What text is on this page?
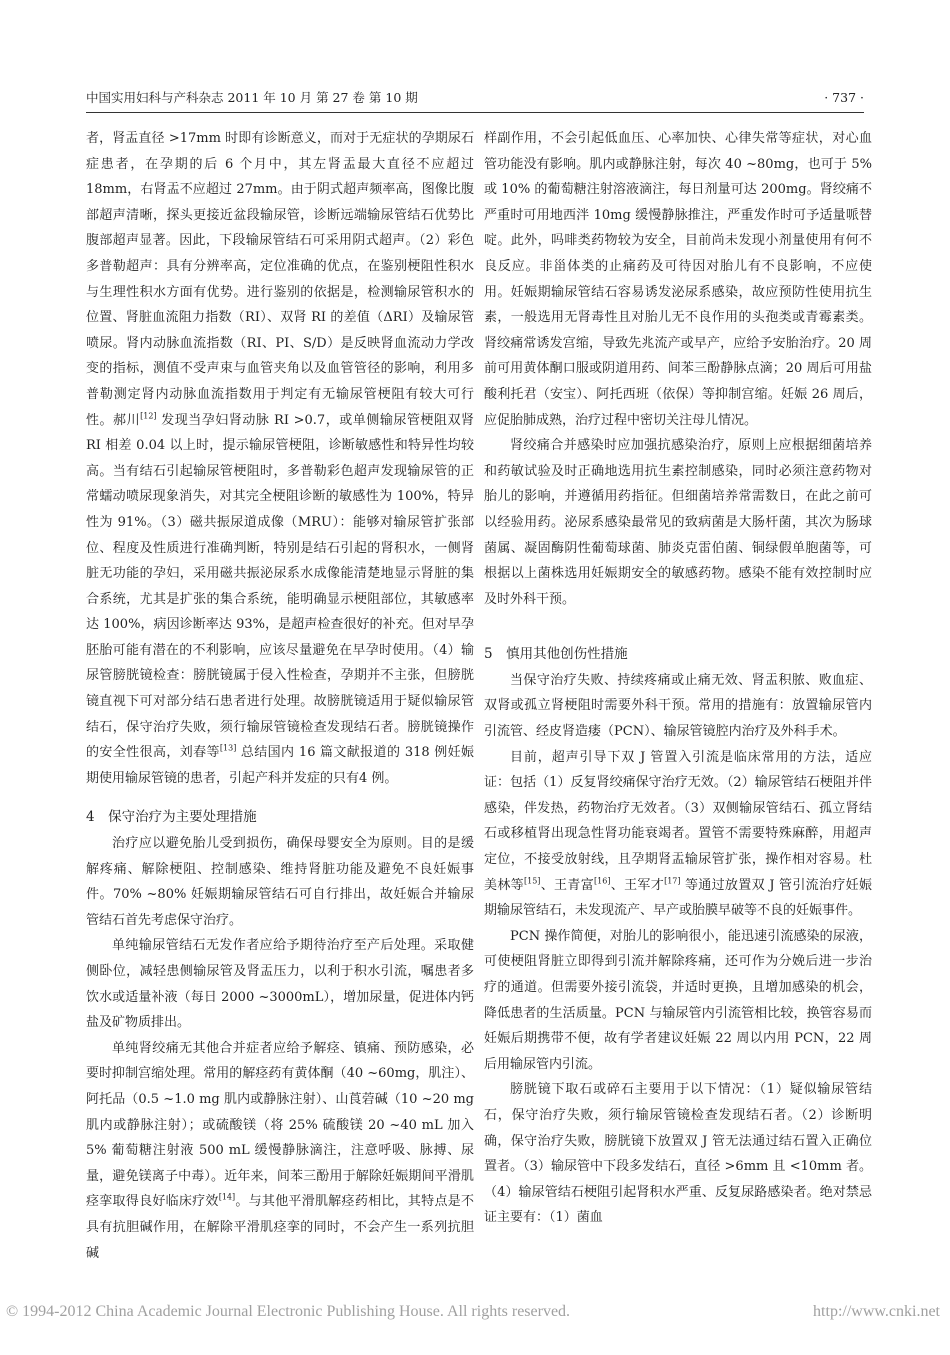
中国实用妇科与产科杂志 2011 年 10 月 第 27 卷 第 10 期	· 737 ·

者，肾盂直径 >17mm 时即有诊断意义，而对于无症状的孕期尿石症患者，在孕期的后 6 个月中，其左肾盂最大直径不应超过 18mm，右肾盂不应超过 27mm。由于阴式超声频率高，图像比腹部超声清晰，探头更接近盆段输尿管，诊断远端输尿管结石优势比腹部超声显著。因此，下段输尿管结石可采用阴式超声。（2）彩色多普勒超声：具有分辨率高，定位准确的优点，在鉴别梗阻性积水与生理性积水方面有优势。进行鉴别的依据是，检测输尿管积水的位置、肾脏血流阻力指数（RI）、双肾 RI 的差值（ΔRI）及输尿管喷尿。肾内动脉血流指数（RI、PI、S/D）是反映肾血流动力学改变的指标，测值不受声束与血管夹角以及血管管径的影响，利用多普勒测定肾内动脉血流指数用于判定有无输尿管梗阻有较大可行性。郝川[12] 发现当孕妇肾动脉 RI >0.7，或单侧输尿管梗阻双肾 RI 相差 0.04 以上时，提示输尿管梗阻，诊断敏感性和特异性均较高。当有结石引起输尿管梗阻时，多普勒彩色超声发现输尿管的正常蠕动喷尿现象消失，对其完全梗阻诊断的敏感性为 100%，特异性为 91%。（3）磁共振尿道成像（MRU）：能够对输尿管扩张部位、程度及性质进行准确判断，特别是结石引起的肾积水，一侧肾脏无功能的孕妇，采用磁共振泌尿系水成像能清楚地显示肾脏的集合系统，尤其是扩张的集合系统，能明确显示梗阻部位，其敏感率达 100%，病因诊断率达 93%，是超声检查很好的补充。但对早孕胚胎可能有潜在的不利影响，应该尽量避免在早孕时使用。（4）输尿管膀胱镜检查：膀胱镜属于侵入性检查，孕期并不主张，但膀胱镜直视下可对部分结石患者进行处理。故膀胱镜适用于疑似输尿管结石，保守治疗失败，须行输尿管镜检查发现结石者。膀胱镜操作的安全性很高，刘春等[13] 总结国内 16 篇文献报道的 318 例妊娠期使用输尿管镜的患者，引起产科并发症的只有4 例。

4　保守治疗为主要处理措施

治疗应以避免胎儿受到损伤，确保母婴安全为原则。目的是缓解疼痛、解除梗阻、控制感染、维持肾脏功能及避免不良妊娠事件。70% ~80% 妊娠期输尿管结石可自行排出，故妊娠合并输尿管结石首先考虑保守治疗。

单纯输尿管结石无发作者应给予期待治疗至产后处理。采取健侧卧位，减轻患侧输尿管及肾盂压力，以利于积水引流，嘱患者多饮水或适量补液（每日 2000 ~3000mL），增加尿量，促进体内钙盐及矿物质排出。

单纯肾绞痛无其他合并症者应给予解痉、镇痛、预防感染，必要时抑制宫缩处理。常用的解痉药有黄体酮（40 ~60mg，肌注）、阿托品（0.5 ~1.0 mg 肌内或静脉注射）、山莨菪碱（10 ~20 mg 肌内或静脉注射）；或硫酸镁（将 25% 硫酸镁 20 ~40 mL 加入 5% 葡萄糖注射液 500 mL 缓慢静脉滴注，注意呼吸、脉搏、尿量，避免镁离子中毒）。近年来，间苯三酚用于解除妊娠期间平滑肌痉挛取得良好临床疗效[14]。与其他平滑肌解痉药相比，其特点是不具有抗胆碱作用，在解除平滑肌痉挛的同时，不会产生一系列抗胆碱

样副作用，不会引起低血压、心率加快、心律失常等症状，对心血管功能没有影响。肌内或静脉注射，每次 40 ~80mg，也可于 5% 或 10% 的葡萄糖注射溶液滴注，每日剂量可达 200mg。肾绞痛不严重时可用地西泮 10mg 缓慢静脉推注，严重发作时可予适量哌替啶。此外，吗啡类药物较为安全，目前尚未发现小剂量使用有何不良反应。非甾体类的止痛药及可待因对胎儿有不良影响，不应使用。妊娠期输尿管结石容易诱发泌尿系感染，故应预防性使用抗生素，一般选用无肾毒性且对胎儿无不良作用的头孢类或青霉素类。肾绞痛常诱发宫缩，导致先兆流产或早产，应给予安胎治疗。20 周前可用黄体酮口服或阴道用药、间苯三酚静脉点滴；20 周后可用盐酸利托君（安宝）、阿托西班（依保）等抑制宫缩。妊娠 26 周后，应促胎肺成熟，治疗过程中密切关注母儿情况。

肾绞痛合并感染时应加强抗感染治疗，原则上应根据细菌培养和药敏试验及时正确地选用抗生素控制感染，同时必须注意药物对胎儿的影响，并遵循用药指征。但细菌培养常需数日，在此之前可以经验用药。泌尿系感染最常见的致病菌是大肠杆菌，其次为肠球菌属、凝固酶阴性葡萄球菌、肺炎克雷伯菌、铜绿假单胞菌等，可根据以上菌株选用妊娠期安全的敏感药物。感染不能有效控制时应及时外科干预。

5　慎用其他创伤性措施

当保守治疗失败、持续疼痛或止痛无效、肾盂积脓、败血症、双肾或孤立肾梗阻时需要外科干预。常用的措施有：放置输尿管内引流管、经皮肾造瘘（PCN）、输尿管镜腔内治疗及外科手术。

目前，超声引导下双 J 管置入引流是临床常用的方法，适应证：包括（1）反复肾绞痛保守治疗无效。（2）输尿管结石梗阻并伴感染，伴发热，药物治疗无效者。（3）双侧输尿管结石、孤立肾结石或移植肾出现急性肾功能衰竭者。置管不需要特殊麻醉，用超声定位，不接受放射线，且孕期肾盂输尿管扩张，操作相对容易。杜美林等[15]、王青富[16]、王军才[17] 等通过放置双 J 管引流治疗妊娠期输尿管结石，未发现流产、早产或胎膜早破等不良的妊娠事件。

PCN 操作简便，对胎儿的影响很小，能迅速引流感染的尿液，可使梗阻肾脏立即得到引流并解除疼痛，还可作为分娩后进一步治疗的通道。但需要外接引流袋，并适时更换，且增加感染的机会，降低患者的生活质量。PCN 与输尿管内引流管相比较，换管容易而妊娠后期携带不便，故有学者建议妊娠 22 周以内用 PCN，22 周后用输尿管内引流。

膀胱镜下取石或碎石主要用于以下情况：（1）疑似输尿管结石，保守治疗失败，须行输尿管镜检查发现结石者。（2）诊断明确，保守治疗失败，膀胱镜下放置双 J 管无法通过结石置入正确位置者。（3）输尿管中下段多发结石，直径 >6mm 且 <10mm 者。（4）输尿管结石梗阻引起肾积水严重、反复尿路感染者。绝对禁忌证主要有：（1）菌血

© 1994-2012 China Academic Journal Electronic Publishing House. All rights reserved.	http://www.cnki.net
